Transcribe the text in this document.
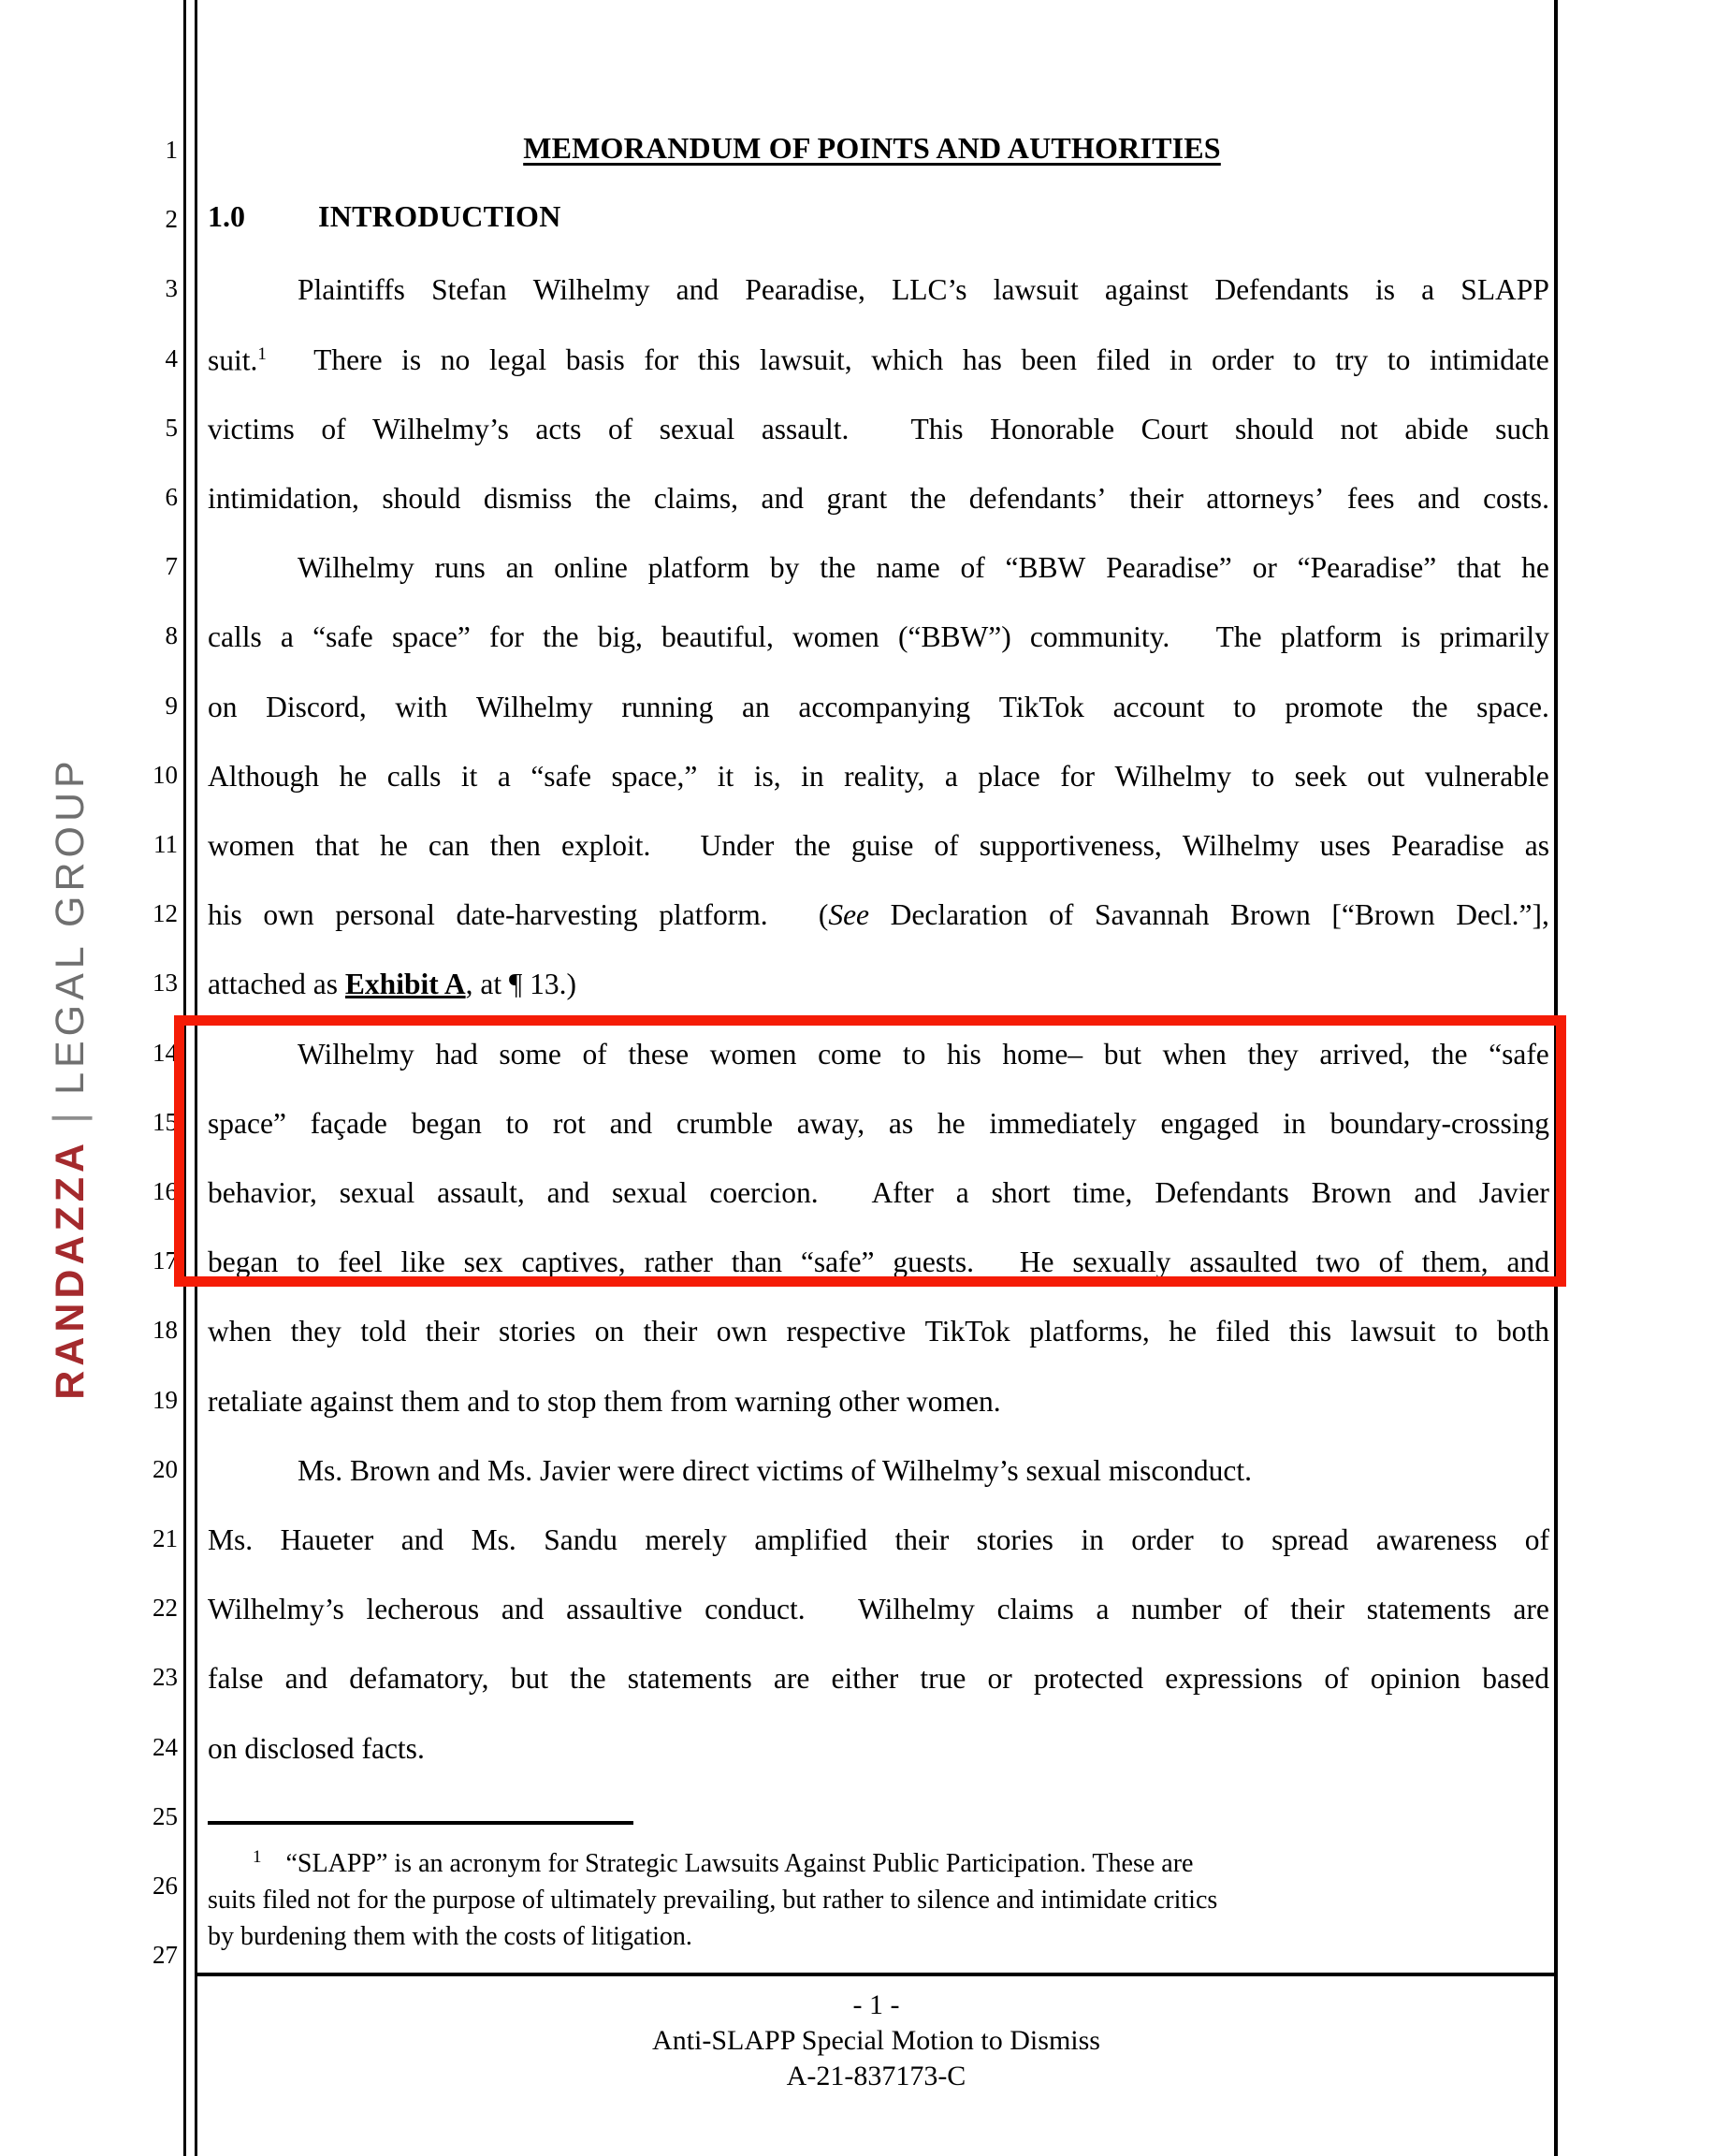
RANDAZZA
|
LEGAL GROUP
1
2
3
4
5
6
7
8
9
10
11
12
13
14
15
16
17
18
19
20
21
22
23
24
25
26
27
MEMORANDUM OF POINTS AND AUTHORITIES
1.0 INTRODUCTION
Plaintiffs Stefan Wilhelmy and Pearadise, LLC’s lawsuit against Defendants is a SLAPP
suit.$^1$ There is no legal basis for this lawsuit, which has been filed in order to try to intimidate
victims of Wilhelmy’s acts of sexual assault. This Honorable Court should not abide such
intimidation, should dismiss the claims, and grant the defendants’ their attorneys’ fees and costs.
Wilhelmy runs an online platform by the name of “BBW Pearadise” or “Pearadise” that he
calls a “safe space” for the big, beautiful, women (“BBW”) community. The platform is primarily
on Discord, with Wilhelmy running an accompanying TikTok account to promote the space.
Although he calls it a “safe space,” it is, in reality, a place for Wilhelmy to seek out vulnerable
women that he can then exploit. Under the guise of supportiveness, Wilhelmy uses Pearadise as
his own personal date-harvesting platform. (See Declaration of Savannah Brown [“Brown Decl.”],
attached as Exhibit A, at ¶ 13.)
Wilhelmy had some of these women come to his home– but when they arrived, the “safe
space” façade began to rot and crumble away, as he immediately engaged in boundary-crossing
behavior, sexual assault, and sexual coercion. After a short time, Defendants Brown and Javier
began to feel like sex captives, rather than “safe” guests. He sexually assaulted two of them, and
when they told their stories on their own respective TikTok platforms, he filed this lawsuit to both
retaliate against them and to stop them from warning other women.
Ms. Brown and Ms. Javier were direct victims of Wilhelmy’s sexual misconduct.
Ms. Haueter and Ms. Sandu merely amplified their stories in order to spread awareness of
Wilhelmy’s lecherous and assaultive conduct. Wilhelmy claims a number of their statements are
false and defamatory, but the statements are either true or protected expressions of opinion based
on disclosed facts.
$^1$ “SLAPP” is an acronym for Strategic Lawsuits Against Public Participation. These are
suits filed not for the purpose of ultimately prevailing, but rather to silence and intimidate critics
by burdening them with the costs of litigation.
- 1 -
Anti-SLAPP Special Motion to Dismiss
A-21-837173-C
